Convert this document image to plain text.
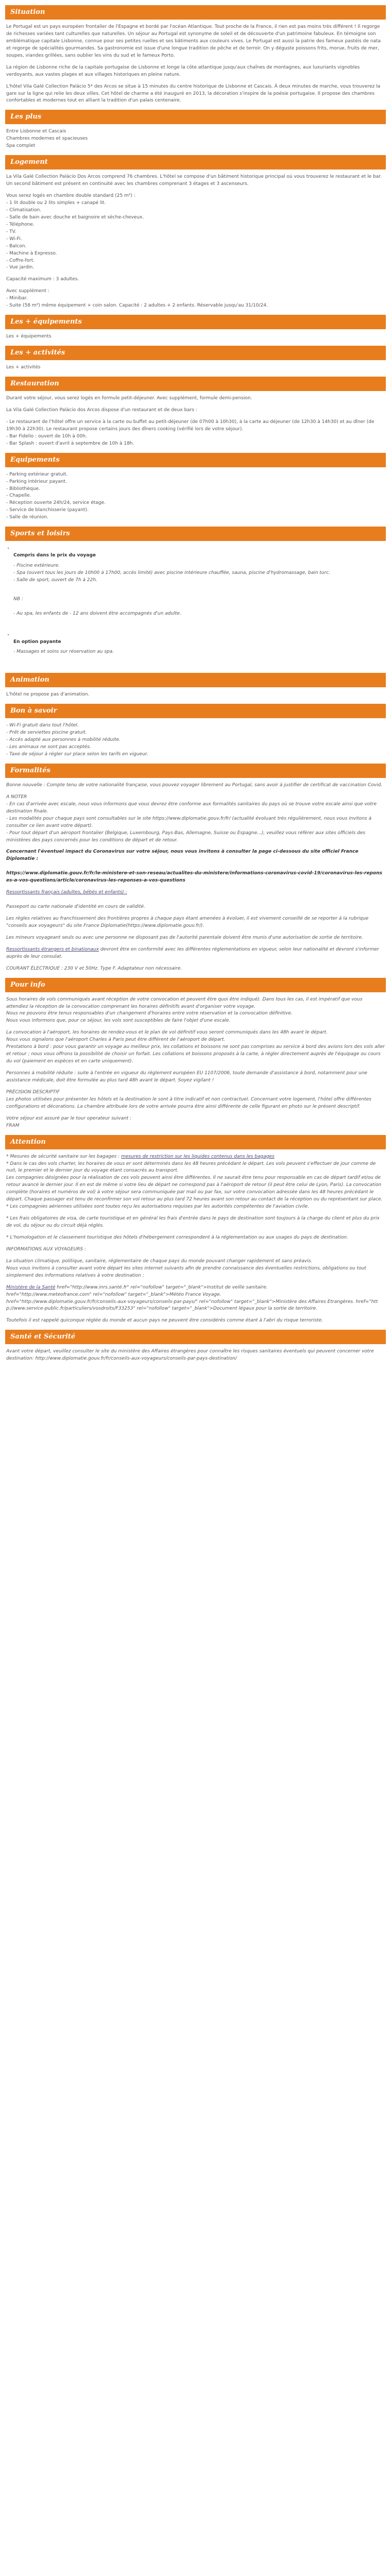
Situation

Le Portugal est un pays européen frontalier de l'Espagne et bordé par l'océan Atlantique. Tout proche de la France, il rien est pas moins très différent ! Il regorge de richesses variées tant culturelles que naturelles. Un séjour au Portugal est synonyme de soleil et de découverte d'un patrimoine fabuleux. En témoigne son emblématique capitale Lisbonne, connue pour ses petites ruelles et ses bâtiments aux couleurs vives. Le Portugal est aussi la patrie des fameux pastéis de nata et regorge de spécialités gourmandes. Sa gastronomie est issue d'une longue tradition de pêche et de terroir. On y déguste poissons frits, morue, fruits de mer, soupes, viandes grillées, sans oublier les vins du sud et le fameux Porto.

La région de Lisbonne riche de la capitale portugaise de Lisbonne et longe la côte atlantique jusqu'aux chaînes de montagnes, aux luxuriants vignobles verdoyants, aux vastes plages et aux villages historiques en pleine nature.

L'hôtel Vila Galé Collection Palácio 5* des Arcos se situe à 15 minutes du centre historique de Lisbonne et Cascais. À deux minutes de marche, vous trouverez la gare sur la ligne qui relie les deux villes. Cet hôtel de charme a été inauguré en 2013, la décoration s'inspire de la poésie portugaise. Il propose des chambres confortables et modernes tout en alliant la tradition d'un palais centenaire.

Les plus

Entre Lisbonne et Cascais
Chambres modernes et spacieuses
Spa complet

Logement

La Vila Galé Collection Palácio Dos Arcos comprend 76 chambres. L'hôtel se compose d'un bâtiment historique principal où vous trouverez le restaurant et le bar. Un second bâtiment est présent en continuité avec les chambres comprenant 3 étages et 3 ascenseurs.

Vous serez logés en chambre double standard (25 m²) :
- 1 lit double ou 2 lits simples + canapé lit.
- Climatisation.
- Salle de bain avec douche et baignoire et sèche-cheveux.
- Téléphone.
- TV.
- Wi-Fi.
- Balcon.
- Machine à Expresso.
- Coffre-fort.
- Vue jardin.

Capacité maximum : 3 adultes.

Avec supplément :
- Minibar.
- Suite (58 m²) même équipement + coin salon. Capacité : 2 adultes + 2 enfants. Réservable jusqu'au 31/10/24.

Les + équipements

Les + équipements

Les + activités

Les + activités

Restauration

Durant votre séjour, vous serez logés en formule petit-déjeuner. Avec supplément, formule demi-pension.

La Vila Galé Collection Palácio dos Arcos dispose d'un restaurant et de deux bars :

- Le restaurant de l'hôtel offre un service à la carte ou buffet au petit-déjeuner (de 07h00 à 10h30), à la carte au déjeuner (de 12h30 à 14h30) et au dîner (de 19h30 à 22h30). Le restaurant propose certains jours des dîners cooking (vérifié lors de votre séjour).
- Bar Fidelio : ouvert de 10h à 00h.
- Bar Splash : ouvert d'avril à septembre de 10h à 18h.

Equipements

- Parking extérieur gratuit.
- Parking intérieur payant.
- Bibliothèque.
- Chapelle.
- Réception ouverte 24h/24, service étage.
- Service de blanchisserie (payant).
- Salle de réunion.

Sports et loisirs

• Compris dans le prix du voyage

- Piscine extérieure.
- Spa (ouvert tous les jours de 10h00 à 17h00, accès limité) avec piscine intérieure chauffée, sauna, piscine d'hydromassage, bain turc.
- Salle de sport, ouvert de 7h à 22h.

NB :

- Au spa, les enfants de - 12 ans doivent être accompagnés d'un adulte.

• En option payante

- Massages et soins sur réservation au spa.

Animation

L'hôtel ne propose pas d'animation.

Bon à savoir

- Wi-Fi gratuit dans tout l'hôtel.
- Prêt de serviettes piscine gratuit.
- Accès adapté aux personnes à mobilité réduite.
- Les animaux ne sont pas acceptés.
- Taxe de séjour à régler sur place selon les tarifs en vigueur.

Formalités

Bonne nouvelle : Compte tenu de votre nationalité française, vous pouvez voyager librement au Portugal, sans avoir à justifier de certificat de vaccination Covid.

A NOTER
- En cas d'arrivée avec escale, nous vous informons que vous devrez être conforme aux formalités sanitaires du pays où se trouve votre escale ainsi que votre destination finale.
- Les modalités pour chaque pays sont consultables sur le site https://www.diplomatie.gouv.fr/fr/ (actualité évoluant très régulièrement, nous vous invitons à consulter ce lien avant votre départ).
- Pour tout départ d'un aéroport frontalier (Belgique, Luxembourg, Pays-Bas, Allemagne, Suisse ou Espagne...), veuillez vous référer aux sites officiels des ministères des pays concernés pour les conditions de départ et de retour.

Concernant l'éventuel impact du Coronavirus sur votre séjour, nous vous invitons à consulter la page ci-dessous du site officiel France Diplomatie :

https://www.diplomatie.gouv.fr/fr/le-ministere-et-son-reseau/actualites-du-ministere/informations-coronavirus-covid-19/coronavirus-les-reponses-a-vos-questions/article/coronavirus-les-reponses-a-vos-questions

Ressortissants français (adultes, bébés et enfants) :

Passeport ou carte nationale d'identité en cours de validité.

Les règles relatives au franchissement des frontières propres à chaque pays étant amenées à évoluer, il est vivement conseillé de se reporter à la rubrique "conseils aux voyageurs" du site France Diplomatie(https://www.diplomatie.gouv.fr/).

Les mineurs voyageant seuls ou avec une personne ne disposant pas de l'autorité parentale doivent être munis d'une autorisation de sortie de territoire.

Ressortissants étrangers et binationaux devront être en conformité avec les différentes réglementations en vigueur, selon leur nationalité et devront s'informer auprès de leur consulat.

COURANT ÉLECTRIQUE : 230 V et 50Hz. Type F. Adaptateur non nécessaire.

Pour info

Sous horaires de vols communiqués avant réception de votre convocation et peuvent être quoi être indiqué). Dans tous les cas, il est impératif que vous attendiez la réception de la convocation comprenant les horaires définitifs avant d'organiser votre voyage.
Nous ne pouvons être tenus responsables d'un changement d'horaires entre votre réservation et la convocation définitive.
Nous vous informons que, pour ce séjour, les vols sont susceptibles de faire l'objet d'une escale.

La convocation à l'aéroport, les horaires de rendez-vous et le plan de vol définitif vous seront communiqués dans les 48h avant le départ.
Nous vous signalons que l'aéroport Charles à Paris peut être différent de l'aéroport de départ.
Prestations à bord : pour vous garantir un voyage au meilleur prix, les collations et boissons ne sont pas comprises au service à bord des avions lors des vols aller et retour ; nous vous offrons la possibilité de choisir un forfait. Les collations et boissons proposés à la carte, à régler directement auprès de l'équipage ou cours du vol (paiement en espèces et en carte uniquement).

Personnes à mobilité réduite : suite à l'entrée en vigueur du règlement européen EU 1107/2006, toute demande d'assistance à bord, notamment pour une assistance médicale, doit être formulée au plus tard 48h avant le départ. Soyez vigilant !

PRÉCISION DESCRIPTIF
Les photos utilisées pour présenter les hôtels et la destination le sont à titre indicatif et non contractuel. Concernant votre logement, l'hôtel offre différentes configurations et décorations. La chambre attribuée lors de votre arrivée pourra être ainsi différente de celle figurant en photo sur le présent descriptif.

Votre séjour est assuré par le tour operateur suivant :
FRAM

Attention

* Mesures de sécurité sanitaire sur les bagages : mesures de restriction sur les liquides contenus dans les bagages
* Dans le cas des vols charter, les horaires de vous er sont déterminés dans les 48 heures précédant le départ. Les vols peuvent s'effectuer de jour comme de nuit, le premier et le dernier jour du voyage étant consacrés au transport.
Les compagnies désignées pour la réalisation de ces vols peuvent ainsi être différentes. Il ne saurait être tenu pour responsable en cas de départ tardif et/ou de retour avancé le dernier jour. Il en est de même si votre lieu de départ ne correspond pas à l'aéroport de retour (il peut être celui de Lyon, Paris). La convocation complète (horaires et numéros de vol) à votre séjour sera communiquée par mail ou par fax, sur votre convocation adressée dans les 48 heures précédant le départ. Chaque passager est tenu de reconfirmer son vol retour au plus tard 72 heures avant son retour au contact de la réception ou du représentant sur place.
* Les compagnies aériennes utilisées sont toutes reçu les autorisations requises par les autorités compétentes de l'aviation civile.

* Les frais obligatoires de visa, de carte touristique et en général les frais d'entrée dans le pays de destination sont toujours à la charge du client et plus du prix de vol, du séjour ou du circuit déjà réglés.

* L'homologation et le classement touristique des hôtels d'hébergement correspondent à la réglementation ou aux usages du pays de destination.

INFORMATIONS AUX VOYAGEURS :

La situation climatique, politique, sanitaire, réglementaire de chaque pays du monde pouvant changer rapidement et sans préavis.
Nous vous invitons à consulter avant votre départ les sites internet suivants afin de prendre connaissance des éventuelles restrictions, obligations ou tout simplement des informations relatives à votre destination :

Ministère de la Santé href="http://www.inrs.santé.fr" rel="nofollow" target="_blank">Institut de veille sanitaire.
href="http://www.meteofrance.com" rel="nofollow" target="_blank">Météo France Voyage.
href="http://www.diplomatie.gouv.fr/fr/conseils-aux-voyageurs/conseils-par-pays/" rel="nofollow" target="_blank">Ministère des Affaires Etrangères. href="http://www.service-public.fr/particuliers/vosdroits/F33253" rel="nofollow" target="_blank">Document légaux pour la sortie de territoire.

Toutefois il est rappelé quiconque réglée du monde et aucun pays ne peuvent être considérés comme étant à l'abri du risque terroriste.

Santé et Sécurité

Avant votre départ, veuillez consulter le site du ministère des Affaires étrangères pour connaître les risques sanitaires éventuels qui peuvent concerner votre destination: http://www.diplomatie.gouv.fr/fr/conseils-aux-voyageurs/conseils-par-pays-destination/
